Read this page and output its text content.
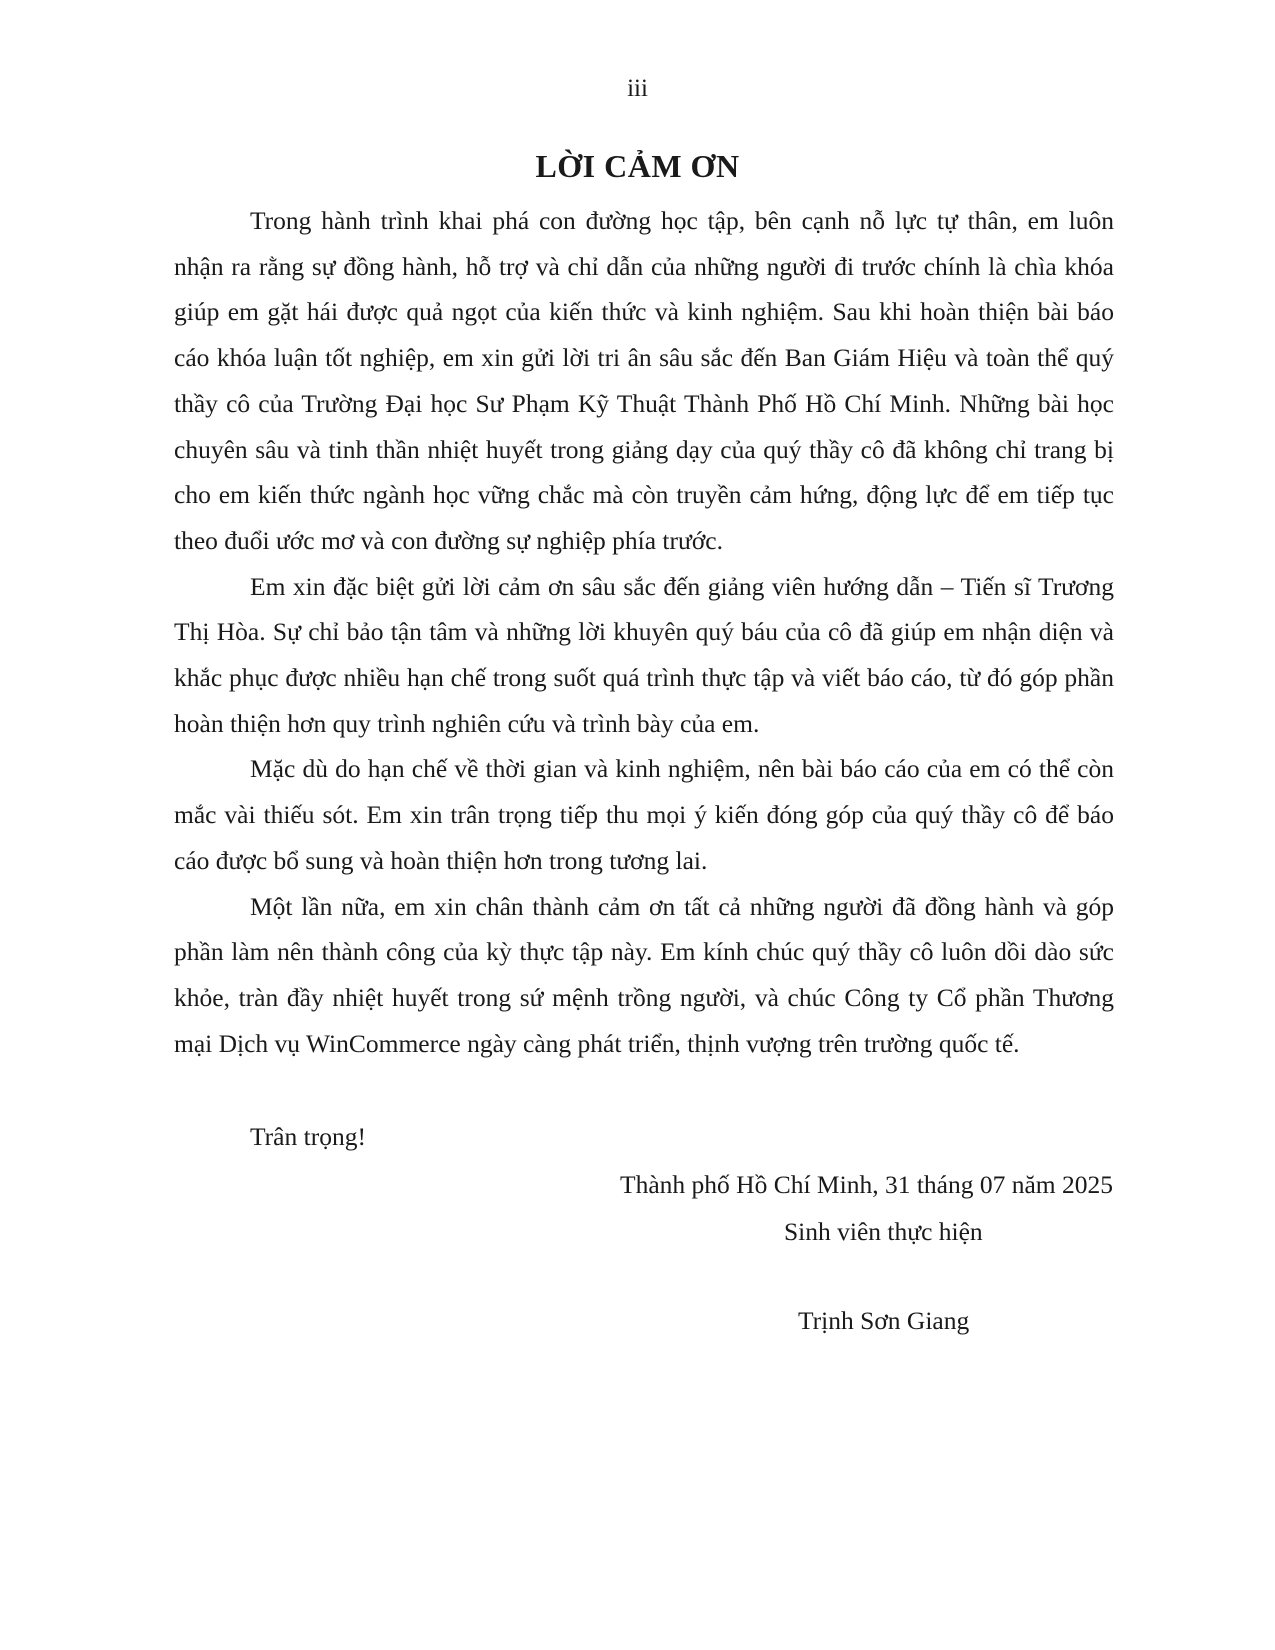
iii
LỜI CẢM ƠN

Trong hành trình khai phá con đường học tập, bên cạnh nỗ lực tự thân, em luôn nhận ra rằng sự đồng hành, hỗ trợ và chỉ dẫn của những người đi trước chính là chìa khóa giúp em gặt hái được quả ngọt của kiến thức và kinh nghiệm. Sau khi hoàn thiện bài báo cáo khóa luận tốt nghiệp, em xin gửi lời tri ân sâu sắc đến Ban Giám Hiệu và toàn thể quý thầy cô của Trường Đại học Sư Phạm Kỹ Thuật Thành Phố Hồ Chí Minh. Những bài học chuyên sâu và tinh thần nhiệt huyết trong giảng dạy của quý thầy cô đã không chỉ trang bị cho em kiến thức ngành học vững chắc mà còn truyền cảm hứng, động lực để em tiếp tục theo đuổi ước mơ và con đường sự nghiệp phía trước.

Em xin đặc biệt gửi lời cảm ơn sâu sắc đến giảng viên hướng dẫn – Tiến sĩ Trương Thị Hòa. Sự chỉ bảo tận tâm và những lời khuyên quý báu của cô đã giúp em nhận diện và khắc phục được nhiều hạn chế trong suốt quá trình thực tập và viết báo cáo, từ đó góp phần hoàn thiện hơn quy trình nghiên cứu và trình bày của em.

Mặc dù do hạn chế về thời gian và kinh nghiệm, nên bài báo cáo của em có thể còn mắc vài thiếu sót. Em xin trân trọng tiếp thu mọi ý kiến đóng góp của quý thầy cô để báo cáo được bổ sung và hoàn thiện hơn trong tương lai.

Một lần nữa, em xin chân thành cảm ơn tất cả những người đã đồng hành và góp phần làm nên thành công của kỳ thực tập này. Em kính chúc quý thầy cô luôn dồi dào sức khỏe, tràn đầy nhiệt huyết trong sứ mệnh trồng người, và chúc Công ty Cổ phần Thương mại Dịch vụ WinCommerce ngày càng phát triển, thịnh vượng trên trường quốc tế.

Trân trọng!
Thành phố Hồ Chí Minh, 31 tháng 07 năm 2025
Sinh viên thực hiện
Trịnh Sơn Giang
